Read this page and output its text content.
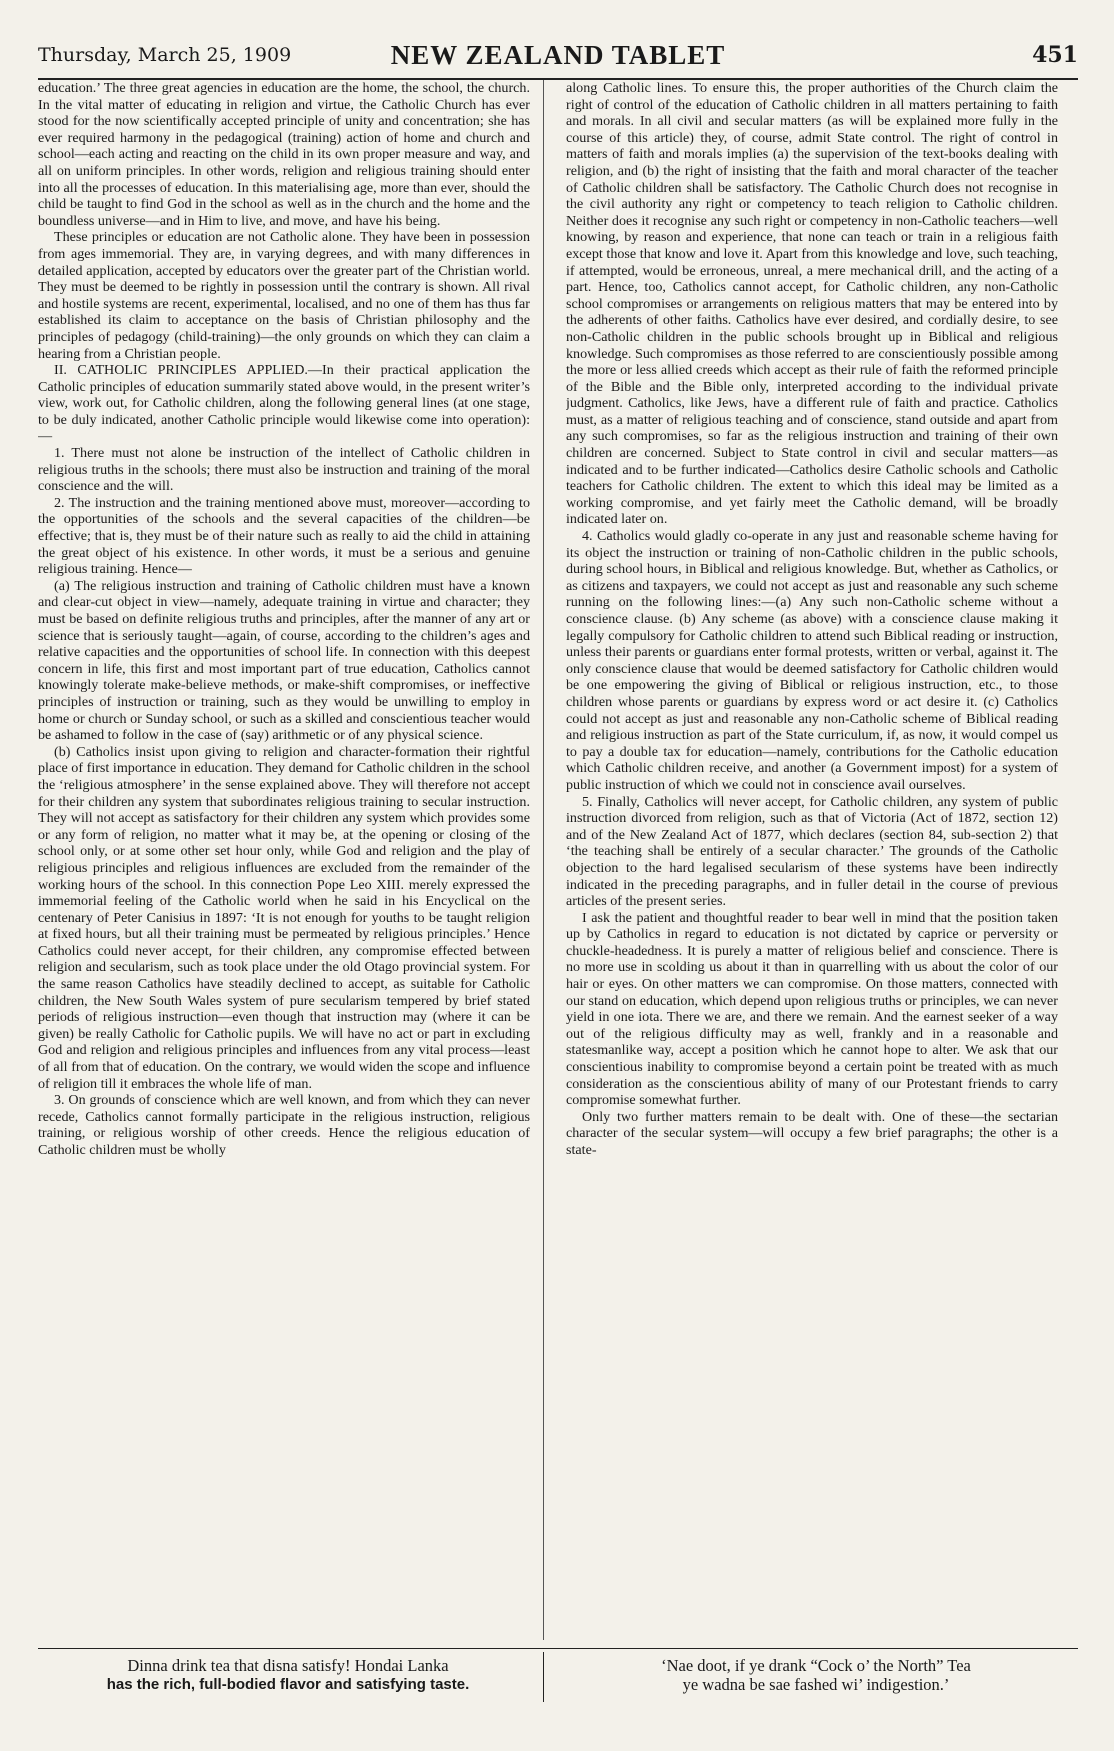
Thursday, March 25, 1909	NEW ZEALAND TABLET	451

education.’ The three great agencies in education are the home, the school, the church. In the vital matter of educating in religion and virtue, the Catholic Church has ever stood for the now scientifically accepted principle of unity and concentration; she has ever required harmony in the pedagogical (training) action of home and church and school—each acting and reacting on the child in its own proper measure and way, and all on uniform principles. In other words, religion and religious training should enter into all the processes of education. In this materialising age, more than ever, should the child be taught to find God in the school as well as in the church and the home and the boundless universe—and in Him to live, and move, and have his being.

These principles or education are not Catholic alone. They have been in possession from ages immemorial. They are, in varying degrees, and with many differences in detailed application, accepted by educators over the greater part of the Christian world. They must be deemed to be rightly in possession until the contrary is shown. All rival and hostile systems are recent, experimental, localised, and no one of them has thus far established its claim to acceptance on the basis of Christian philosophy and the principles of pedagogy (child-training)—the only grounds on which they can claim a hearing from a Christian people.

II. CATHOLIC PRINCIPLES APPLIED.—In their practical application the Catholic principles of education summarily stated above would, in the present writer’s view, work out, for Catholic children, along the following general lines (at one stage, to be duly indicated, another Catholic principle would likewise come into operation):—

1. There must not alone be instruction of the intellect of Catholic children in religious truths in the schools; there must also be instruction and training of the moral conscience and the will.

2. The instruction and the training mentioned above must, moreover—according to the opportunities of the schools and the several capacities of the children—be effective; that is, they must be of their nature such as really to aid the child in attaining the great object of his existence. In other words, it must be a serious and genuine religious training. Hence—

(a) The religious instruction and training of Catholic children must have a known and clear-cut object in view—namely, adequate training in virtue and character; they must be based on definite religious truths and principles, after the manner of any art or science that is seriously taught—again, of course, according to the children’s ages and relative capacities and the opportunities of school life. In connection with this deepest concern in life, this first and most important part of true education, Catholics cannot knowingly tolerate make-believe methods, or make-shift compromises, or ineffective principles of instruction or training, such as they would be unwilling to employ in home or church or Sunday school, or such as a skilled and conscientious teacher would be ashamed to follow in the case of (say) arithmetic or of any physical science.

(b) Catholics insist upon giving to religion and character-formation their rightful place of first importance in education. They demand for Catholic children in the school the ‘religious atmosphere’ in the sense explained above. They will therefore not accept for their children any system that subordinates religious training to secular instruction. They will not accept as satisfactory for their children any system which provides some or any form of religion, no matter what it may be, at the opening or closing of the school only, or at some other set hour only, while God and religion and the play of religious principles and religious influences are excluded from the remainder of the working hours of the school. In this connection Pope Leo XIII. merely expressed the immemorial feeling of the Catholic world when he said in his Encyclical on the centenary of Peter Canisius in 1897: ‘It is not enough for youths to be taught religion at fixed hours, but all their training must be permeated by religious principles.’ Hence Catholics could never accept, for their children, any compromise effected between religion and secularism, such as took place under the old Otago provincial system. For the same reason Catholics have steadily declined to accept, as suitable for Catholic children, the New South Wales system of pure secularism tempered by brief stated periods of religious instruction—even though that instruction may (where it can be given) be really Catholic for Catholic pupils. We will have no act or part in excluding God and religion and religious principles and influences from any vital process—least of all from that of education. On the contrary, we would widen the scope and influence of religion till it embraces the whole life of man.

3. On grounds of conscience which are well known, and from which they can never recede, Catholics cannot formally participate in the religious instruction, religious training, or religious worship of other creeds. Hence the religious education of Catholic children must be wholly

along Catholic lines. To ensure this, the proper authorities of the Church claim the right of control of the education of Catholic children in all matters pertaining to faith and morals. In all civil and secular matters (as will be explained more fully in the course of this article) they, of course, admit State control. The right of control in matters of faith and morals implies (a) the supervision of the text-books dealing with religion, and (b) the right of insisting that the faith and moral character of the teacher of Catholic children shall be satisfactory. The Catholic Church does not recognise in the civil authority any right or competency to teach religion to Catholic children. Neither does it recognise any such right or competency in non-Catholic teachers—well knowing, by reason and experience, that none can teach or train in a religious faith except those that know and love it. Apart from this knowledge and love, such teaching, if attempted, would be erroneous, unreal, a mere mechanical drill, and the acting of a part. Hence, too, Catholics cannot accept, for Catholic children, any non-Catholic school compromises or arrangements on religious matters that may be entered into by the adherents of other faiths. Catholics have ever desired, and cordially desire, to see non-Catholic children in the public schools brought up in Biblical and religious knowledge. Such compromises as those referred to are conscientiously possible among the more or less allied creeds which accept as their rule of faith the reformed principle of the Bible and the Bible only, interpreted according to the individual private judgment. Catholics, like Jews, have a different rule of faith and practice. Catholics must, as a matter of religious teaching and of conscience, stand outside and apart from any such compromises, so far as the religious instruction and training of their own children are concerned. Subject to State control in civil and secular matters—as indicated and to be further indicated—Catholics desire Catholic schools and Catholic teachers for Catholic children. The extent to which this ideal may be limited as a working compromise, and yet fairly meet the Catholic demand, will be broadly indicated later on.

4. Catholics would gladly co-operate in any just and reasonable scheme having for its object the instruction or training of non-Catholic children in the public schools, during school hours, in Biblical and religious knowledge. But, whether as Catholics, or as citizens and taxpayers, we could not accept as just and reasonable any such scheme running on the following lines:—(a) Any such non-Catholic scheme without a conscience clause. (b) Any scheme (as above) with a conscience clause making it legally compulsory for Catholic children to attend such Biblical reading or instruction, unless their parents or guardians enter formal protests, written or verbal, against it. The only conscience clause that would be deemed satisfactory for Catholic children would be one empowering the giving of Biblical or religious instruction, etc., to those children whose parents or guardians by express word or act desire it. (c) Catholics could not accept as just and reasonable any non-Catholic scheme of Biblical reading and religious instruction as part of the State curriculum, if, as now, it would compel us to pay a double tax for education—namely, contributions for the Catholic education which Catholic children receive, and another (a Government impost) for a system of public instruction of which we could not in conscience avail ourselves.

5. Finally, Catholics will never accept, for Catholic children, any system of public instruction divorced from religion, such as that of Victoria (Act of 1872, section 12) and of the New Zealand Act of 1877, which declares (section 84, sub-section 2) that ‘the teaching shall be entirely of a secular character.’ The grounds of the Catholic objection to the hard legalised secularism of these systems have been indirectly indicated in the preceding paragraphs, and in fuller detail in the course of previous articles of the present series.

I ask the patient and thoughtful reader to bear well in mind that the position taken up by Catholics in regard to education is not dictated by caprice or perversity or chuckle-headedness. It is purely a matter of religious belief and conscience. There is no more use in scolding us about it than in quarrelling with us about the color of our hair or eyes. On other matters we can compromise. On those matters, connected with our stand on education, which depend upon religious truths or principles, we can never yield in one iota. There we are, and there we remain. And the earnest seeker of a way out of the religious difficulty may as well, frankly and in a reasonable and statesmanlike way, accept a position which he cannot hope to alter. We ask that our conscientious inability to compromise beyond a certain point be treated with as much consideration as the conscientious ability of many of our Protestant friends to carry compromise somewhat further.

Only two further matters remain to be dealt with. One of these—the sectarian character of the secular system—will occupy a few brief paragraphs; the other is a state-

Dinna drink tea that disna satisfy! Hondai Lanka
has the rich, full-bodied flavor and satisfying taste.
‘Nae doot, if ye drank “Cock o’ the North” Tea
ye wadna be sae fashed wi’ indigestion.’
